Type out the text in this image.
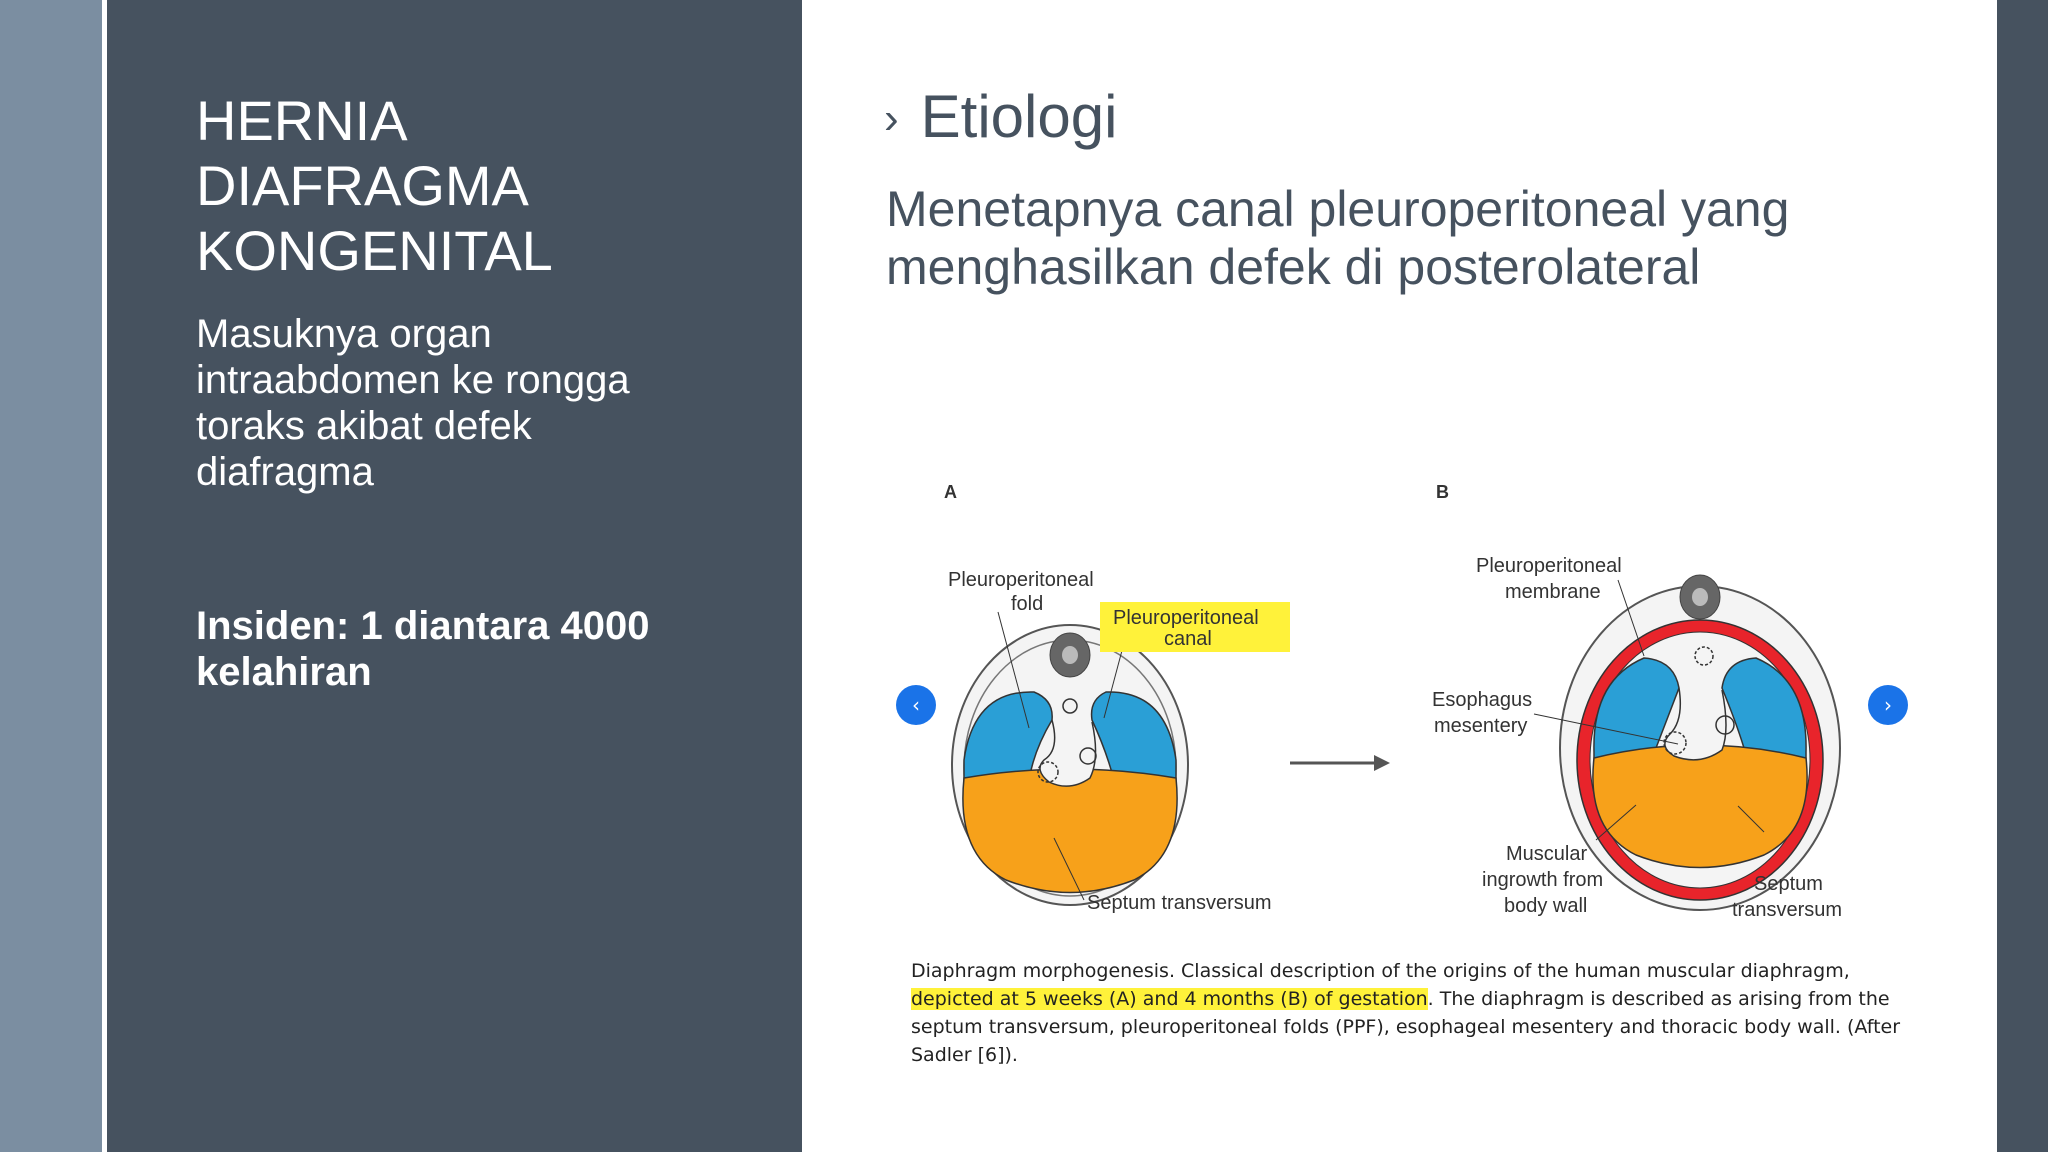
HERNIA
DIAFRAGMA
KONGENITAL

Masuknya organ intraabdomen ke rongga toraks akibat defek diafragma

Insiden: 1 diantara 4000 kelahiran

› Etiologi

Menetapnya canal pleuroperitoneal yang menghasilkan defek di posterolateral

A	B
Pleuroperitoneal
fold
Pleuroperitoneal
canal
Septum transversum
Pleuroperitoneal
membrane
Esophagus
mesentery
Muscular
ingrowth from
body wall
Septum
transversum
‹	›

Diaphragm morphogenesis. Classical description of the origins of the human muscular diaphragm, depicted at 5 weeks (A) and 4 months (B) of gestation. The diaphragm is described as arising from the septum transversum, pleuroperitoneal folds (PPF), esophageal mesentery and thoracic body wall. (After Sadler [6]).
